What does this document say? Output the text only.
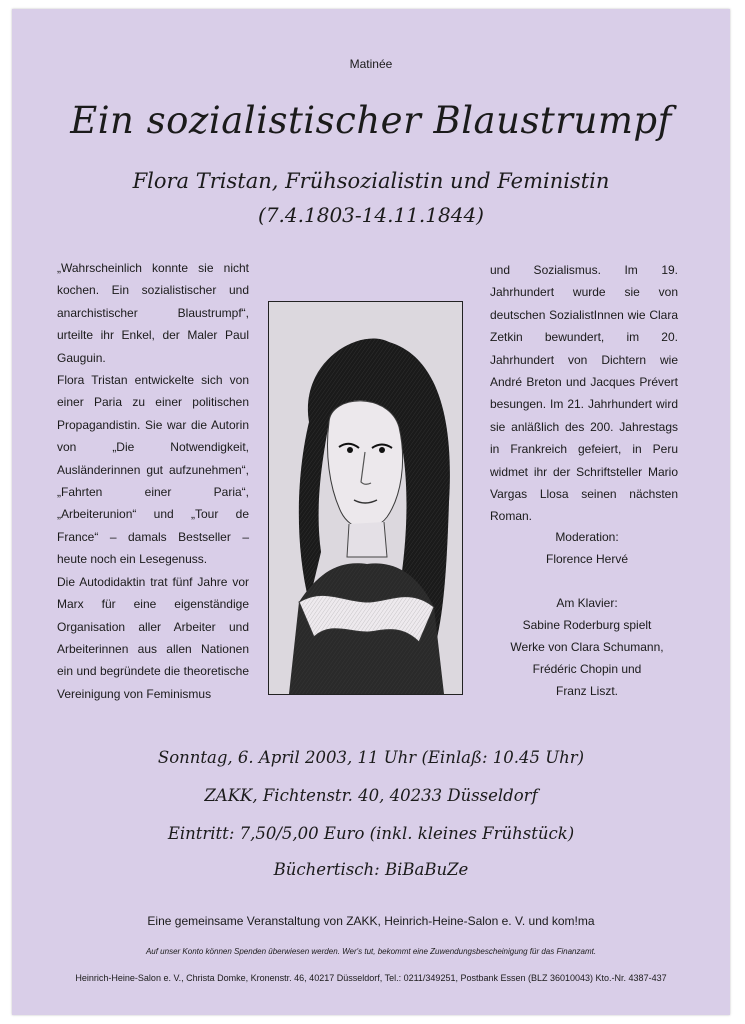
Matinée
Ein sozialistischer Blaustrumpf
Flora Tristan, Frühsozialistin und Feministin
(7.4.1803-14.11.1844)

„Wahrscheinlich konnte sie nicht kochen. Ein sozialistischer und anarchistischer Blaustrumpf“, urteilte ihr Enkel, der Maler Paul Gauguin.

Flora Tristan entwickelte sich von einer Paria zu einer politischen Propagandistin. Sie war die Autorin von „Die Notwendigkeit, Ausländerinnen gut aufzunehmen“, „Fahrten einer Paria“, „Arbeiterunion“ und „Tour de France“ – damals Bestseller – heute noch ein Lesegenuss.

Die Autodidaktin trat fünf Jahre vor Marx für eine eigenständige Organisation aller Arbeiter und Arbeiterinnen aus allen Nationen ein und begründete die theoretische Vereinigung von Feminismus

und Sozialismus. Im 19. Jahrhundert wurde sie von deutschen SozialistInnen wie Clara Zetkin bewundert, im 20. Jahrhundert von Dichtern wie André Breton und Jacques Prévert besungen. Im 21. Jahrhundert wird sie anläßlich des 200. Jahrestags in Frankreich gefeiert, in Peru widmet ihr der Schriftsteller Mario Vargas Llosa seinen nächsten Roman.

Moderation:
Florence Hervé
Am Klavier:
Sabine Roderburg spielt
Werke von Clara Schumann,
Frédéric Chopin und
Franz Liszt.
Sonntag, 6. April 2003, 11 Uhr (Einlaß: 10.45 Uhr)
ZAKK, Fichtenstr. 40, 40233 Düsseldorf
Eintritt: 7,50/5,00 Euro (inkl. kleines Frühstück)
Büchertisch: BiBaBuZe
Eine gemeinsame Veranstaltung von ZAKK, Heinrich-Heine-Salon e. V. und kom!ma
Auf unser Konto können Spenden überwiesen werden. Wer's tut, bekommt eine Zuwendungsbescheinigung für das Finanzamt.
Heinrich-Heine-Salon e. V., Christa Domke, Kronenstr. 46, 40217 Düsseldorf, Tel.: 0211/349251, Postbank Essen (BLZ 36010043) Kto.-Nr. 4387-437
